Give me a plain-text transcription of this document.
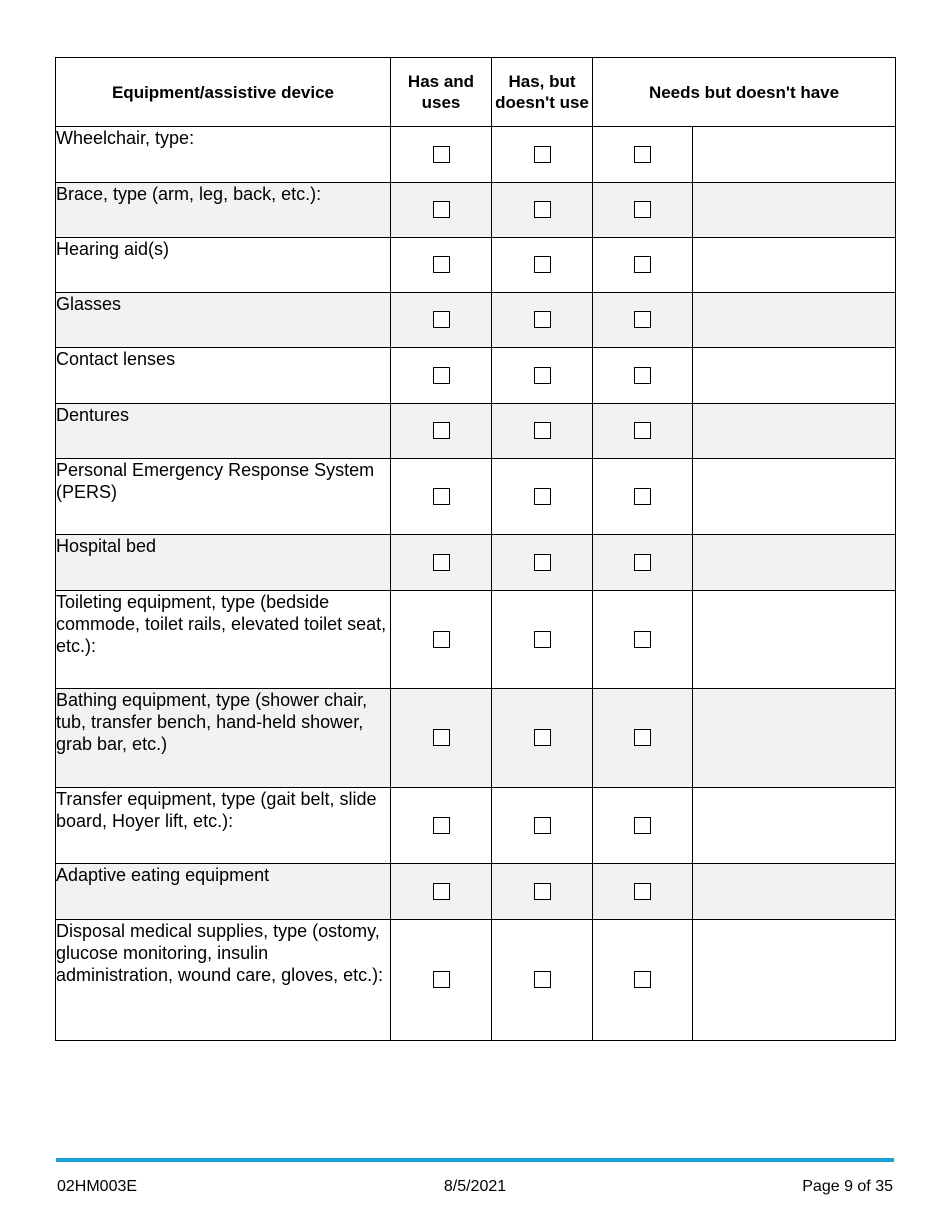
Equipment/assistive device	Has and uses	Has, but doesn't use	Needs but doesn't have	
Wheelchair, type:				
Brace, type (arm, leg, back, etc.):				
Hearing aid(s)				
Glasses				
Contact lenses				
Dentures				
Personal Emergency Response System (PERS)				
Hospital bed				
Toileting equipment, type (bedside commode, toilet rails, elevated toilet seat, etc.):				
Bathing equipment, type (shower chair, tub, transfer bench, hand-held shower, grab bar, etc.)				
Transfer equipment, type (gait belt, slide board, Hoyer lift, etc.):				
Adaptive eating equipment				
Disposal medical supplies, type (ostomy, glucose monitoring, insulin administration, wound care, gloves, etc.):				
02HM003E	8/5/2021	Page 9 of 35
